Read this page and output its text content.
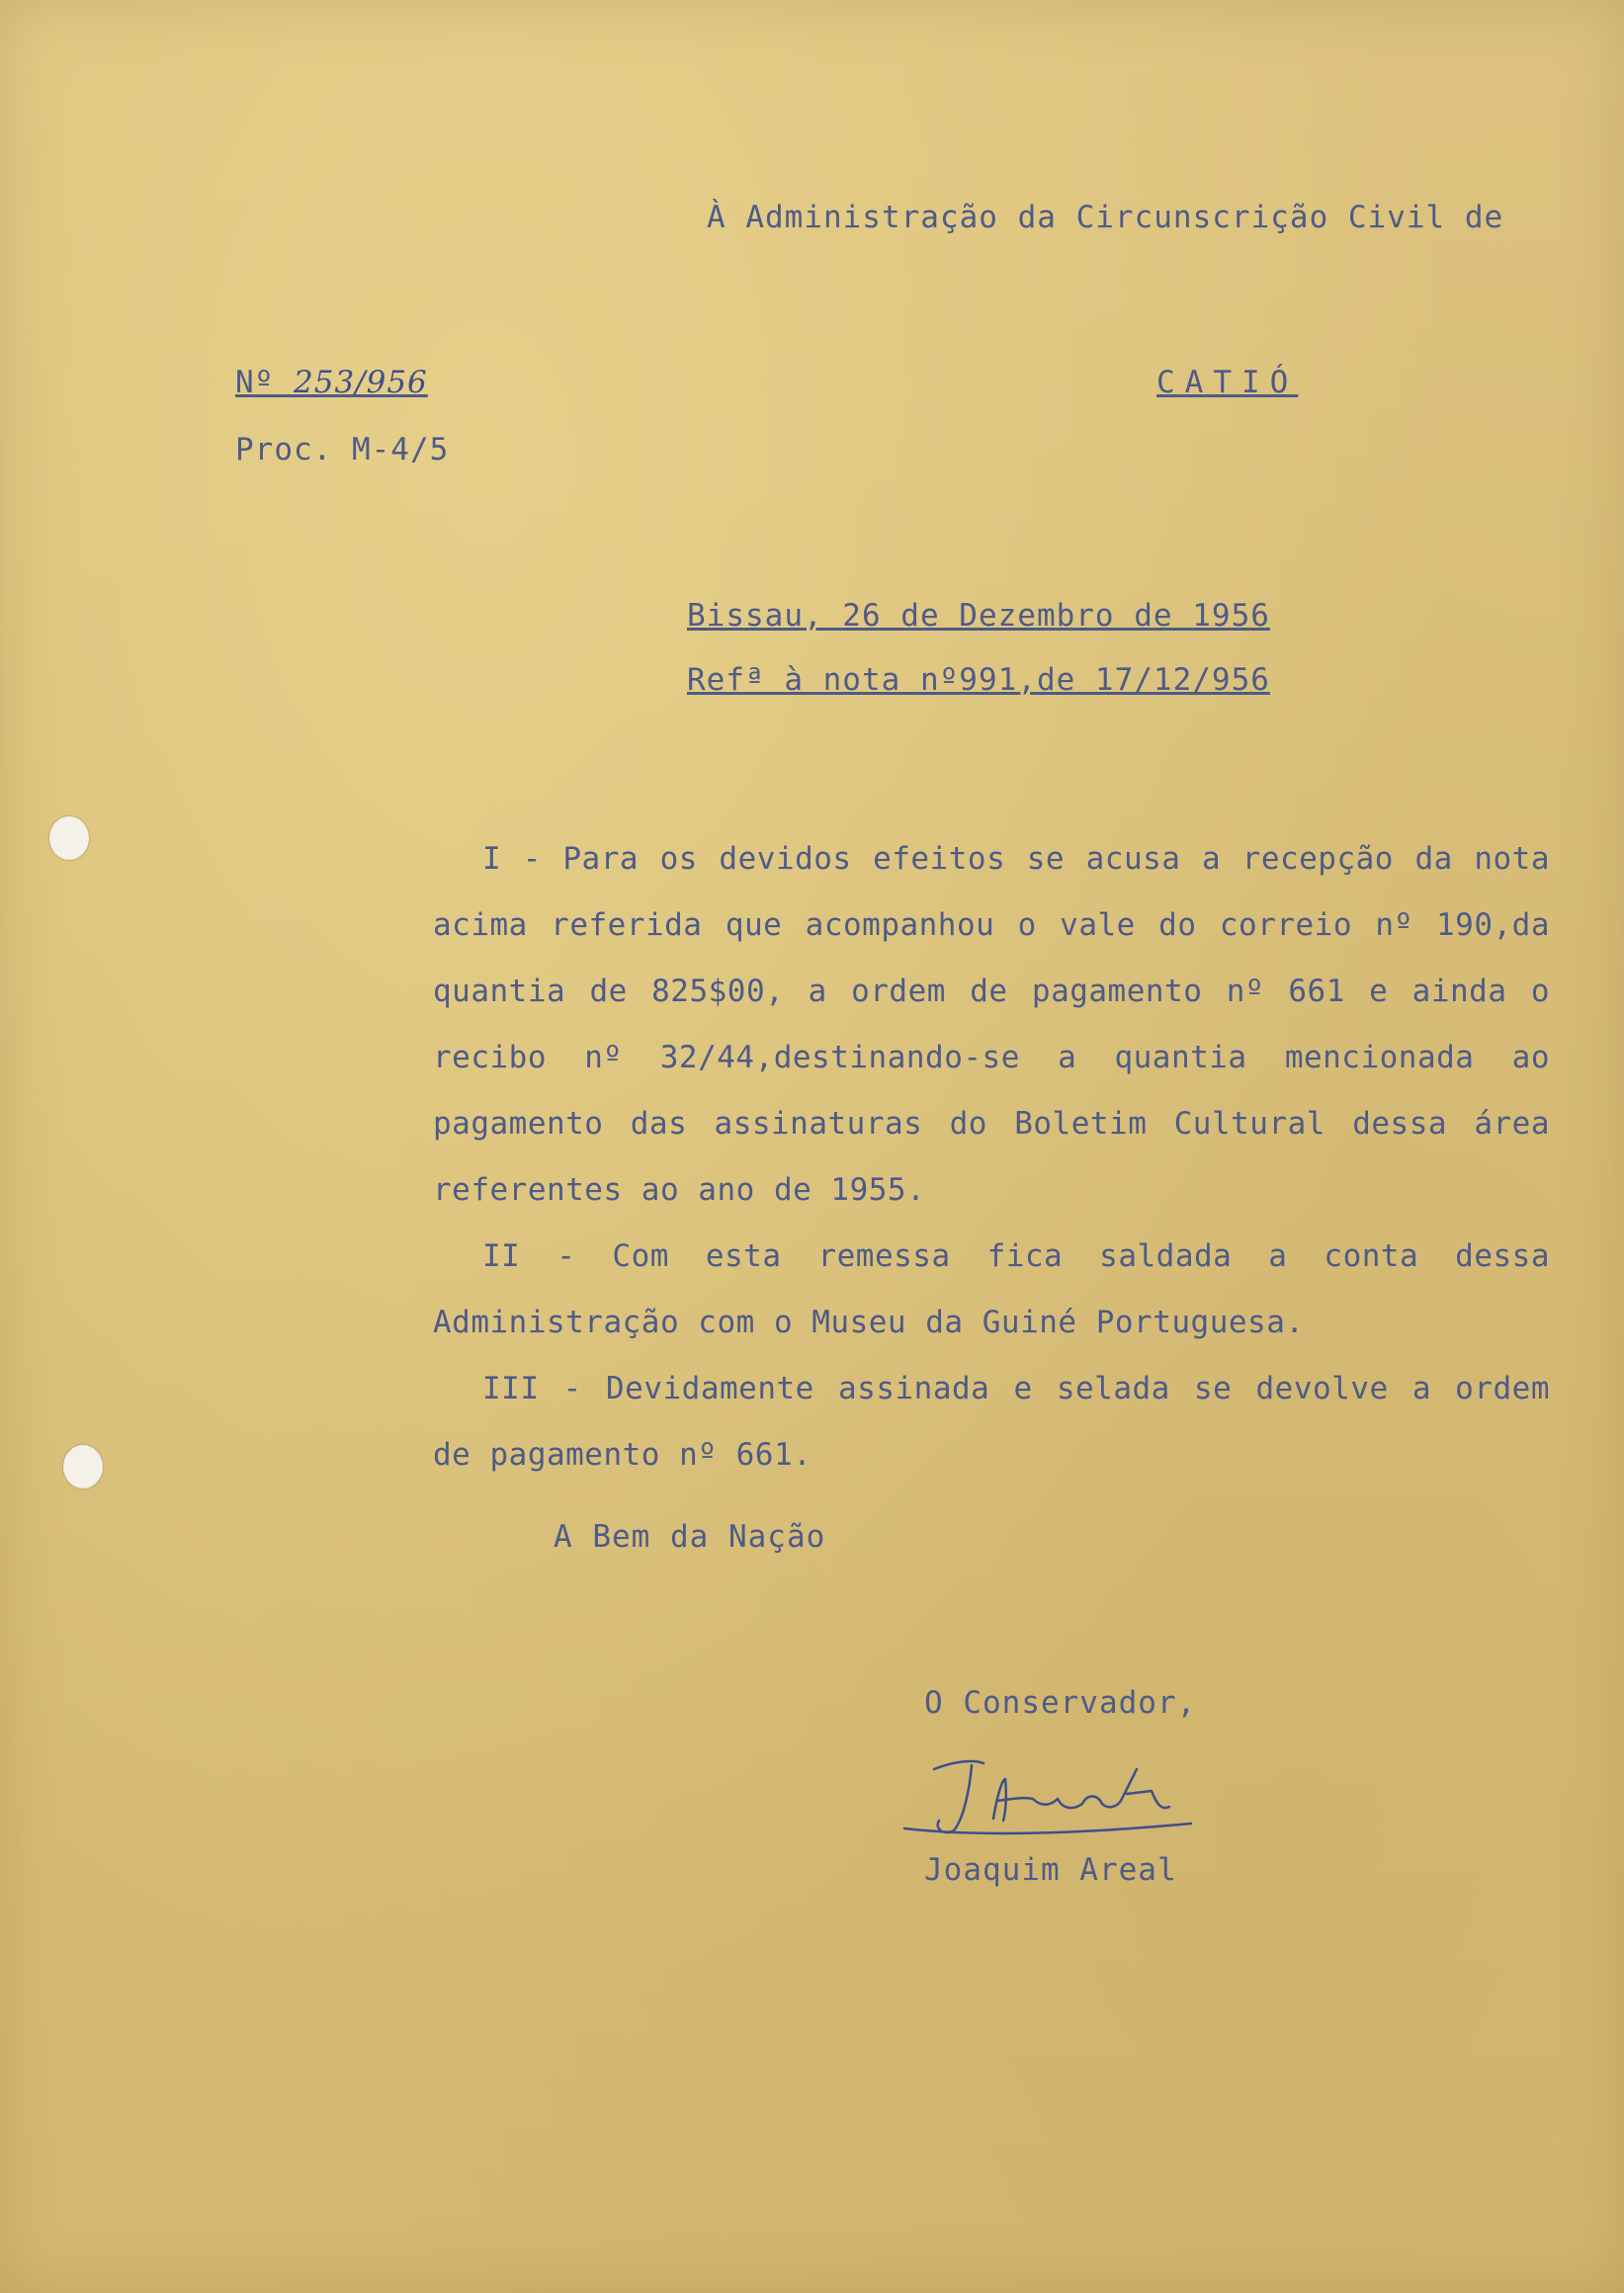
À Administração da Circunscrição Civil de
Nº 253/956
Proc. M-4/5
CATIÓ
Bissau, 26 de Dezembro de 1956
Refª à nota nº991,de 17/12/956

I - Para os devidos efeitos se acusa a recepção da nota acima referida que acompanhou o vale do correio nº 190,da quantia de 825$00, a ordem de pagamento nº 661 e ainda o recibo nº 32/44,destinando-se a quantia mencionada ao pagamento das assinaturas do Boletim Cultural dessa área referentes ao ano de 1955.

II - Com esta remessa fica saldada a conta dessa Administração com o Museu da Guiné Portuguesa.

III - Devidamente assinada e selada se devolve a ordem de pagamento nº 661.

A Bem da Nação
O Conservador,
Joaquim Areal
